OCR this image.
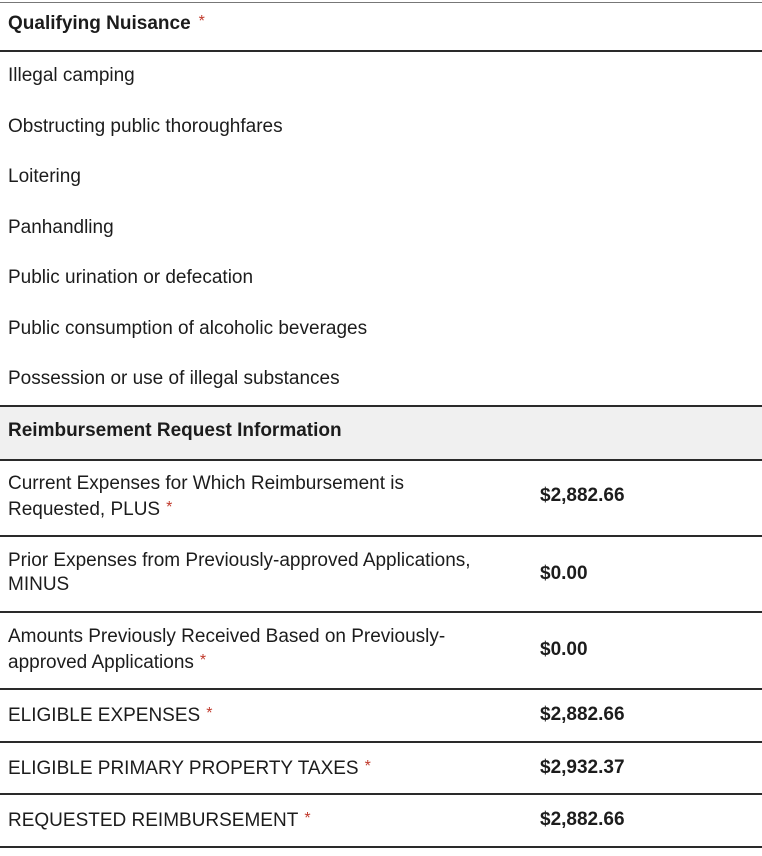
Qualifying Nuisance *
Illegal camping
Obstructing public thoroughfares
Loitering
Panhandling
Public urination or defecation
Public consumption of alcoholic beverages
Possession or use of illegal substances
Reimbursement Request Information
Current Expenses for Which Reimbursement is
Requested, PLUS *
$2,882.66
Prior Expenses from Previously-approved Applications,
MINUS
$0.00
Amounts Previously Received Based on Previously-
approved Applications *
$0.00
ELIGIBLE EXPENSES *	$2,882.66
ELIGIBLE PRIMARY PROPERTY TAXES *	$2,932.37
REQUESTED REIMBURSEMENT *	$2,882.66
